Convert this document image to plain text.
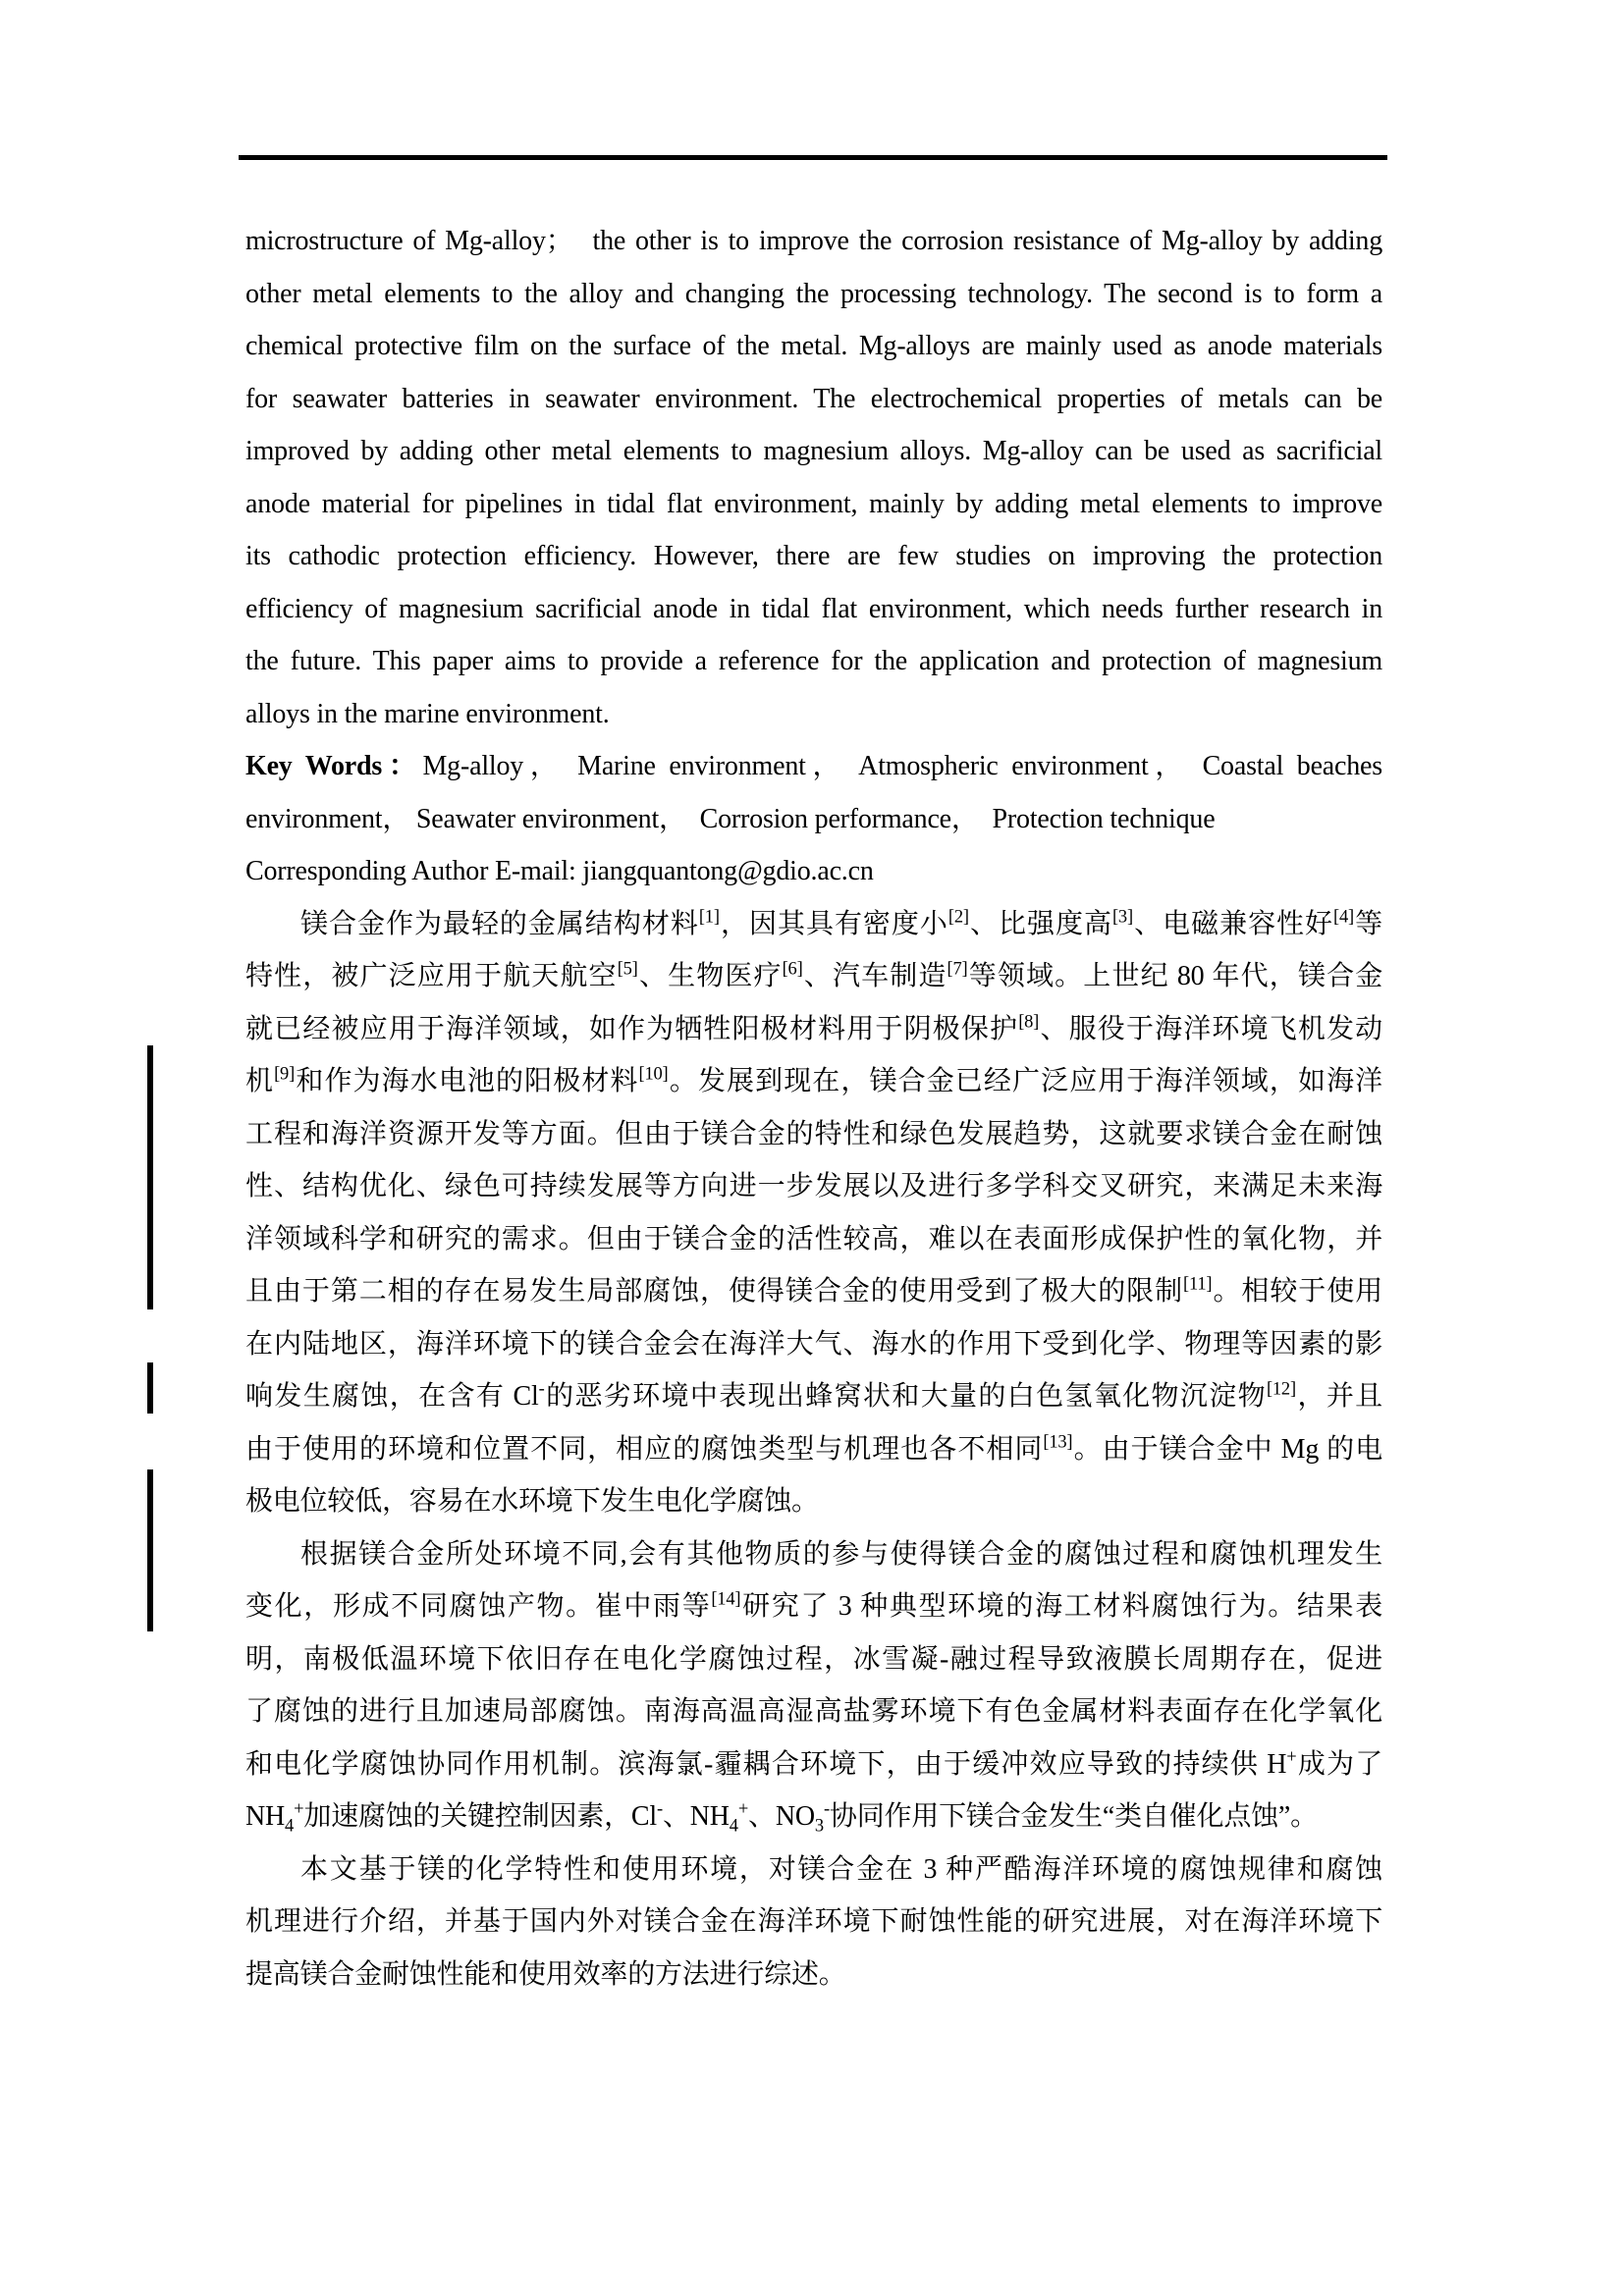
microstructure of Mg-alloy；　the other is to improve the corrosion resistance of Mg-alloy by adding
other metal elements to the alloy and changing the processing technology. The second is to form a
chemical protective film on the surface of the metal. Mg-alloys are mainly used as anode materials
for seawater batteries in seawater environment. The electrochemical properties of metals can be
improved by adding other metal elements to magnesium alloys. Mg-alloy can be used as sacrificial
anode material for pipelines in tidal flat environment, mainly by adding metal elements to improve
its cathodic protection efficiency. However, there are few studies on improving the protection
efficiency of magnesium sacrificial anode in tidal flat environment, which needs further research in
the future. This paper aims to provide a reference for the application and protection of magnesium
alloys in the marine environment.
Key Words：Mg-alloy， Marine environment， Atmospheric environment， Coastal beaches
environment， Seawater environment，　Corrosion performance，　Protection technique
Corresponding Author E-mail: jiangquantong@gdio.ac.cn
镁合金作为最轻的金属结构材料[1]，因其具有密度小[2]、比强度高[3]、电磁兼容性好[4]等
特性，被广泛应用于航天航空[5]、生物医疗[6]、汽车制造[7]等领域。上世纪 80 年代，镁合金
就已经被应用于海洋领域，如作为牺牲阳极材料用于阴极保护[8]、服役于海洋环境飞机发动
机[9]和作为海水电池的阳极材料[10]。发展到现在，镁合金已经广泛应用于海洋领域，如海洋
工程和海洋资源开发等方面。但由于镁合金的特性和绿色发展趋势，这就要求镁合金在耐蚀
性、结构优化、绿色可持续发展等方向进一步发展以及进行多学科交叉研究，来满足未来海
洋领域科学和研究的需求。但由于镁合金的活性较高，难以在表面形成保护性的氧化物，并
且由于第二相的存在易发生局部腐蚀，使得镁合金的使用受到了极大的限制[11]。相较于使用
在内陆地区，海洋环境下的镁合金会在海洋大气、海水的作用下受到化学、物理等因素的影
响发生腐蚀，在含有 Cl-的恶劣环境中表现出蜂窝状和大量的白色氢氧化物沉淀物[12]，并且
由于使用的环境和位置不同，相应的腐蚀类型与机理也各不相同[13]。由于镁合金中 Mg 的电
极电位较低，容易在水环境下发生电化学腐蚀。
根据镁合金所处环境不同,会有其他物质的参与使得镁合金的腐蚀过程和腐蚀机理发生
变化，形成不同腐蚀产物。崔中雨等[14]研究了 3 种典型环境的海工材料腐蚀行为。结果表
明，南极低温环境下依旧存在电化学腐蚀过程，冰雪凝-融过程导致液膜长周期存在，促进
了腐蚀的进行且加速局部腐蚀。南海高温高湿高盐雾环境下有色金属材料表面存在化学氧化
和电化学腐蚀协同作用机制。滨海氯-霾耦合环境下，由于缓冲效应导致的持续供 H+成为了
$NH_4^+$加速腐蚀的关键控制因素，Cl-、$NH_4^+$、$NO_3^-$协同作用下镁合金发生“类自催化点蚀”。
本文基于镁的化学特性和使用环境，对镁合金在 3 种严酷海洋环境的腐蚀规律和腐蚀
机理进行介绍，并基于国内外对镁合金在海洋环境下耐蚀性能的研究进展，对在海洋环境下
提高镁合金耐蚀性能和使用效率的方法进行综述。
